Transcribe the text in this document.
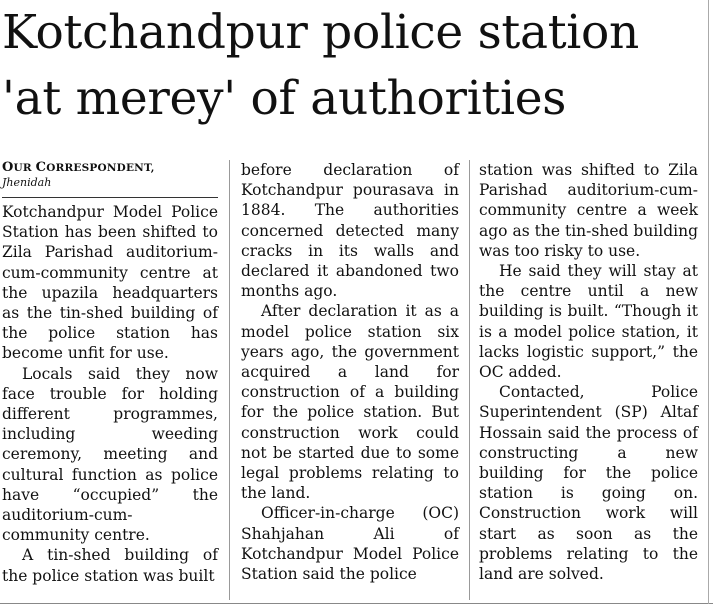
Kotchandpur police station
'at merey' of authorities

OUR CORRESPONDENT,

Jhenidah

Kotchandpur Model Police Station has been shifted to Zila Parishad auditorium-cum-community centre at the upazila headquarters as the tin-shed building of the police station has become unfit for use.

Locals said they now face trouble for holding different programmes, including weeding ceremony, meeting and cultural function as police have “occupied” the auditorium-cum-community centre.

A tin-shed building of the police station was built

before declaration of Kotchandpur pourasava in 1884. The authorities concerned detected many cracks in its walls and declared it abandoned two months ago.

After declaration it as a model police station six years ago, the government acquired a land for construction of a building for the police station. But construction work could not be started due to some legal problems relating to the land.

Officer-in-charge (OC) Shahjahan Ali of Kotchandpur Model Police Station said the police

station was shifted to Zila Parishad auditorium-cum-community centre a week ago as the tin-shed building was too risky to use.

He said they will stay at the centre until a new building is built. “Though it is a model police station, it lacks logistic support,” the OC added.

Contacted, Police Superintendent (SP) Altaf Hossain said the process of constructing a new building for the police station is going on. Construction work will start as soon as the problems relating to the land are solved.
